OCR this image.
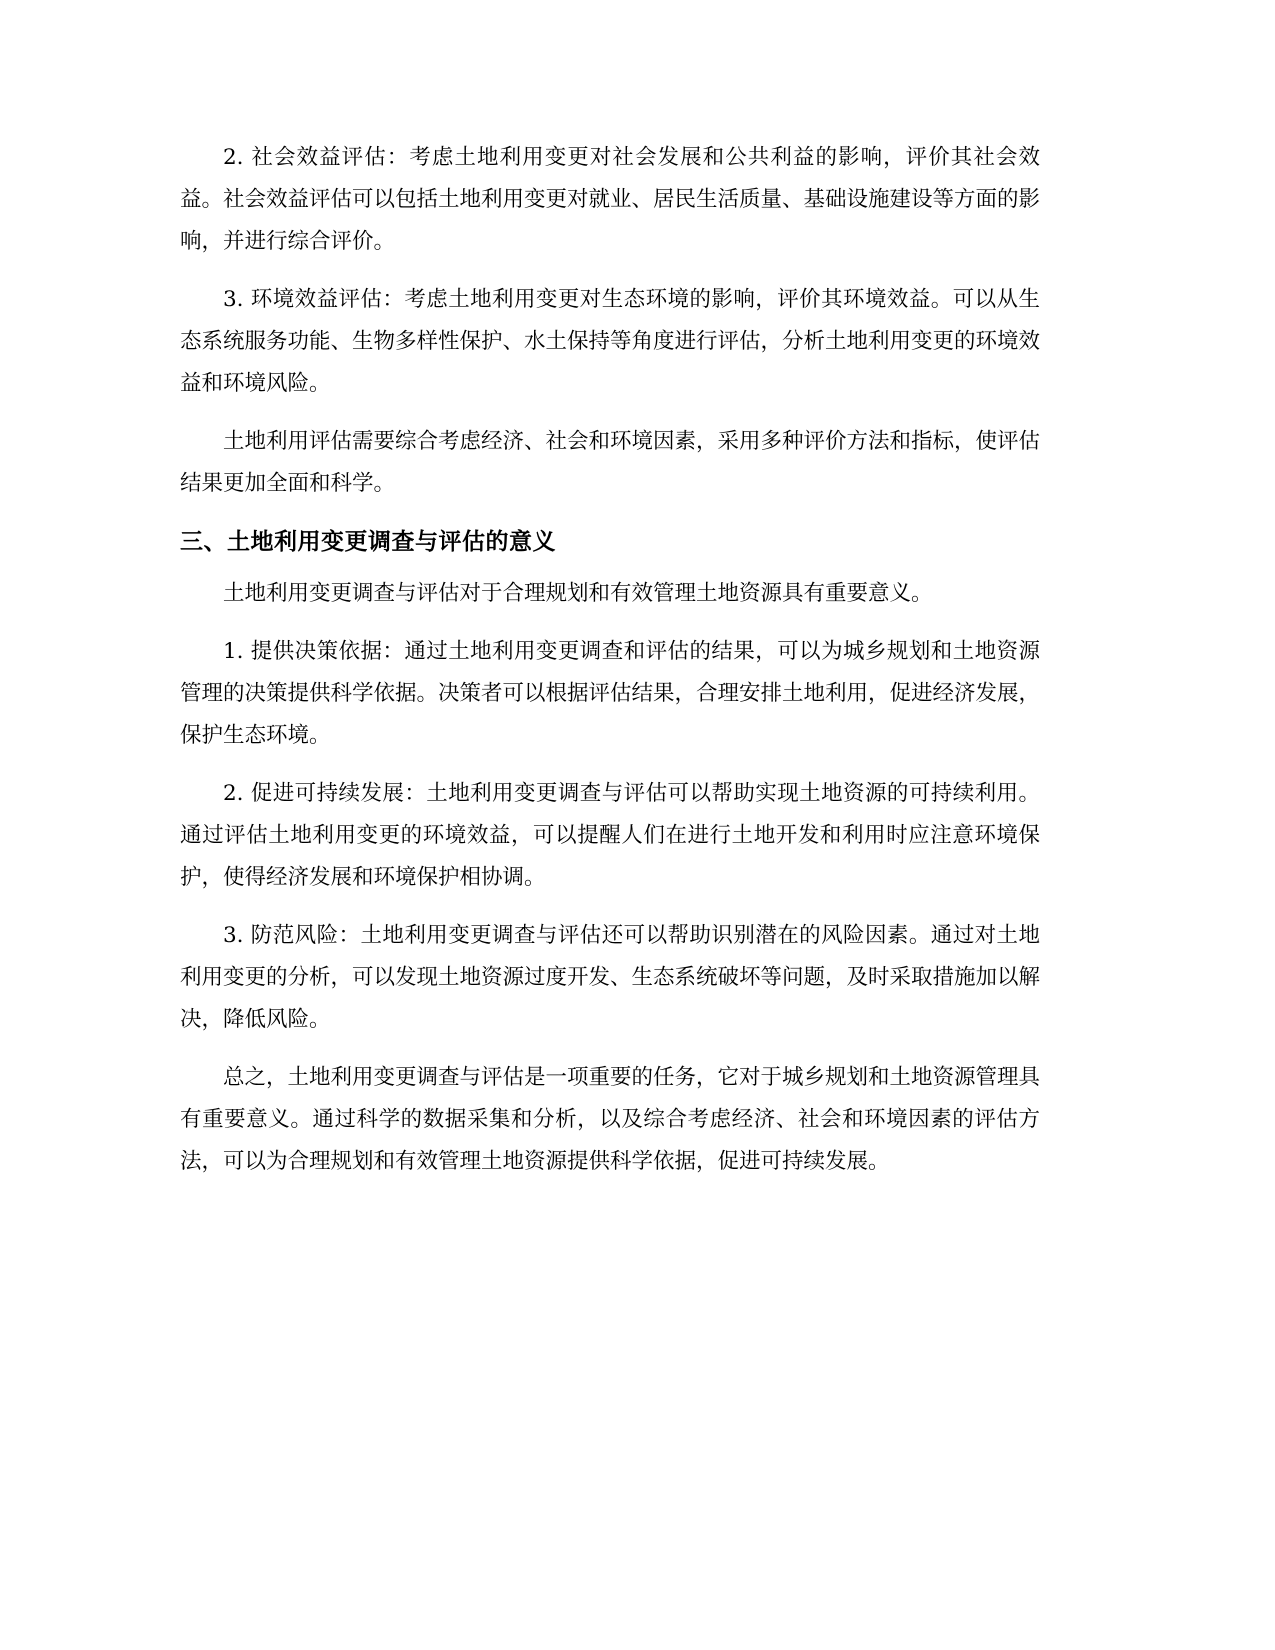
2. 社会效益评估：考虑土地利用变更对社会发展和公共利益的影响，评价其社会效益。社会效益评估可以包括土地利用变更对就业、居民生活质量、基础设施建设等方面的影响，并进行综合评价。

3. 环境效益评估：考虑土地利用变更对生态环境的影响，评价其环境效益。可以从生态系统服务功能、生物多样性保护、水土保持等角度进行评估，分析土地利用变更的环境效益和环境风险。

土地利用评估需要综合考虑经济、社会和环境因素，采用多种评价方法和指标，使评估结果更加全面和科学。

三、土地利用变更调查与评估的意义

土地利用变更调查与评估对于合理规划和有效管理土地资源具有重要意义。

1. 提供决策依据：通过土地利用变更调查和评估的结果，可以为城乡规划和土地资源管理的决策提供科学依据。决策者可以根据评估结果，合理安排土地利用，促进经济发展，保护生态环境。

2. 促进可持续发展：土地利用变更调查与评估可以帮助实现土地资源的可持续利用。通过评估土地利用变更的环境效益，可以提醒人们在进行土地开发和利用时应注意环境保护，使得经济发展和环境保护相协调。

3. 防范风险：土地利用变更调查与评估还可以帮助识别潜在的风险因素。通过对土地利用变更的分析，可以发现土地资源过度开发、生态系统破坏等问题，及时采取措施加以解决，降低风险。

总之，土地利用变更调查与评估是一项重要的任务，它对于城乡规划和土地资源管理具有重要意义。通过科学的数据采集和分析，以及综合考虑经济、社会和环境因素的评估方法，可以为合理规划和有效管理土地资源提供科学依据，促进可持续发展。
